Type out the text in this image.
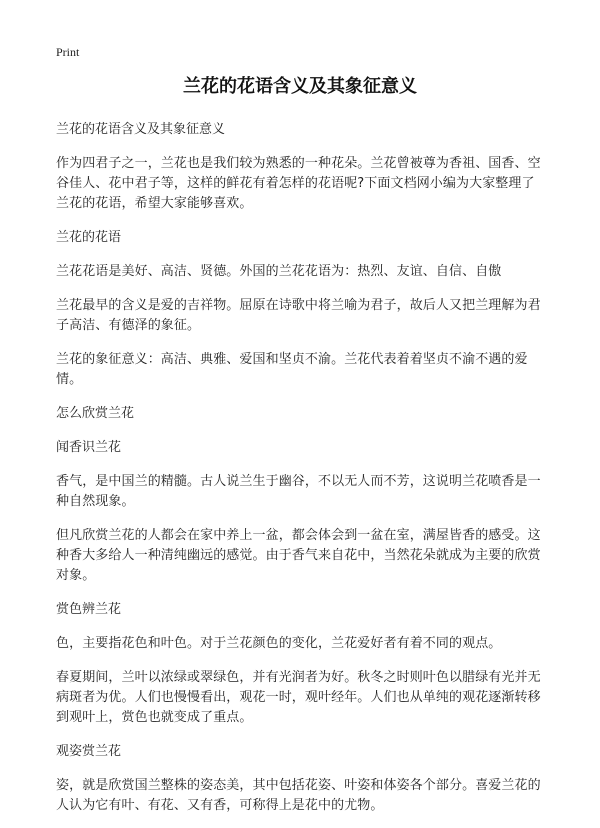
Print
兰花的花语含义及其象征意义
兰花的花语含义及其象征意义
作为四君子之一，兰花也是我们较为熟悉的一种花朵。兰花曾被尊为香祖、国香、空谷佳人、花中君子等，这样的鲜花有着怎样的花语呢?下面文档网小编为大家整理了兰花的花语，希望大家能够喜欢。
兰花的花语
兰花花语是美好、高洁、贤德。外国的兰花花语为：热烈、友谊、自信、自傲
兰花最早的含义是爱的吉祥物。屈原在诗歌中将兰喻为君子，故后人又把兰理解为君子高洁、有德泽的象征。
兰花的象征意义：高洁、典雅、爱国和坚贞不渝。兰花代表着着坚贞不渝不遇的爱情。
怎么欣赏兰花
闻香识兰花
香气，是中国兰的精髓。古人说兰生于幽谷，不以无人而不芳，这说明兰花喷香是一种自然现象。
但凡欣赏兰花的人都会在家中养上一盆，都会体会到一盆在室，满屋皆香的感受。这种香大多给人一种清纯幽远的感觉。由于香气来自花中，当然花朵就成为主要的欣赏对象。
赏色辨兰花
色，主要指花色和叶色。对于兰花颜色的变化，兰花爱好者有着不同的观点。
春夏期间，兰叶以浓绿或翠绿色，并有光润者为好。秋冬之时则叶色以腊绿有光并无病斑者为优。人们也慢慢看出，观花一时，观叶经年。人们也从单纯的观花逐渐转移到观叶上，赏色也就变成了重点。
观姿赏兰花
姿，就是欣赏国兰整株的姿态美，其中包括花姿、叶姿和体姿各个部分。喜爱兰花的人认为它有叶、有花、又有香，可称得上是花中的尤物。
